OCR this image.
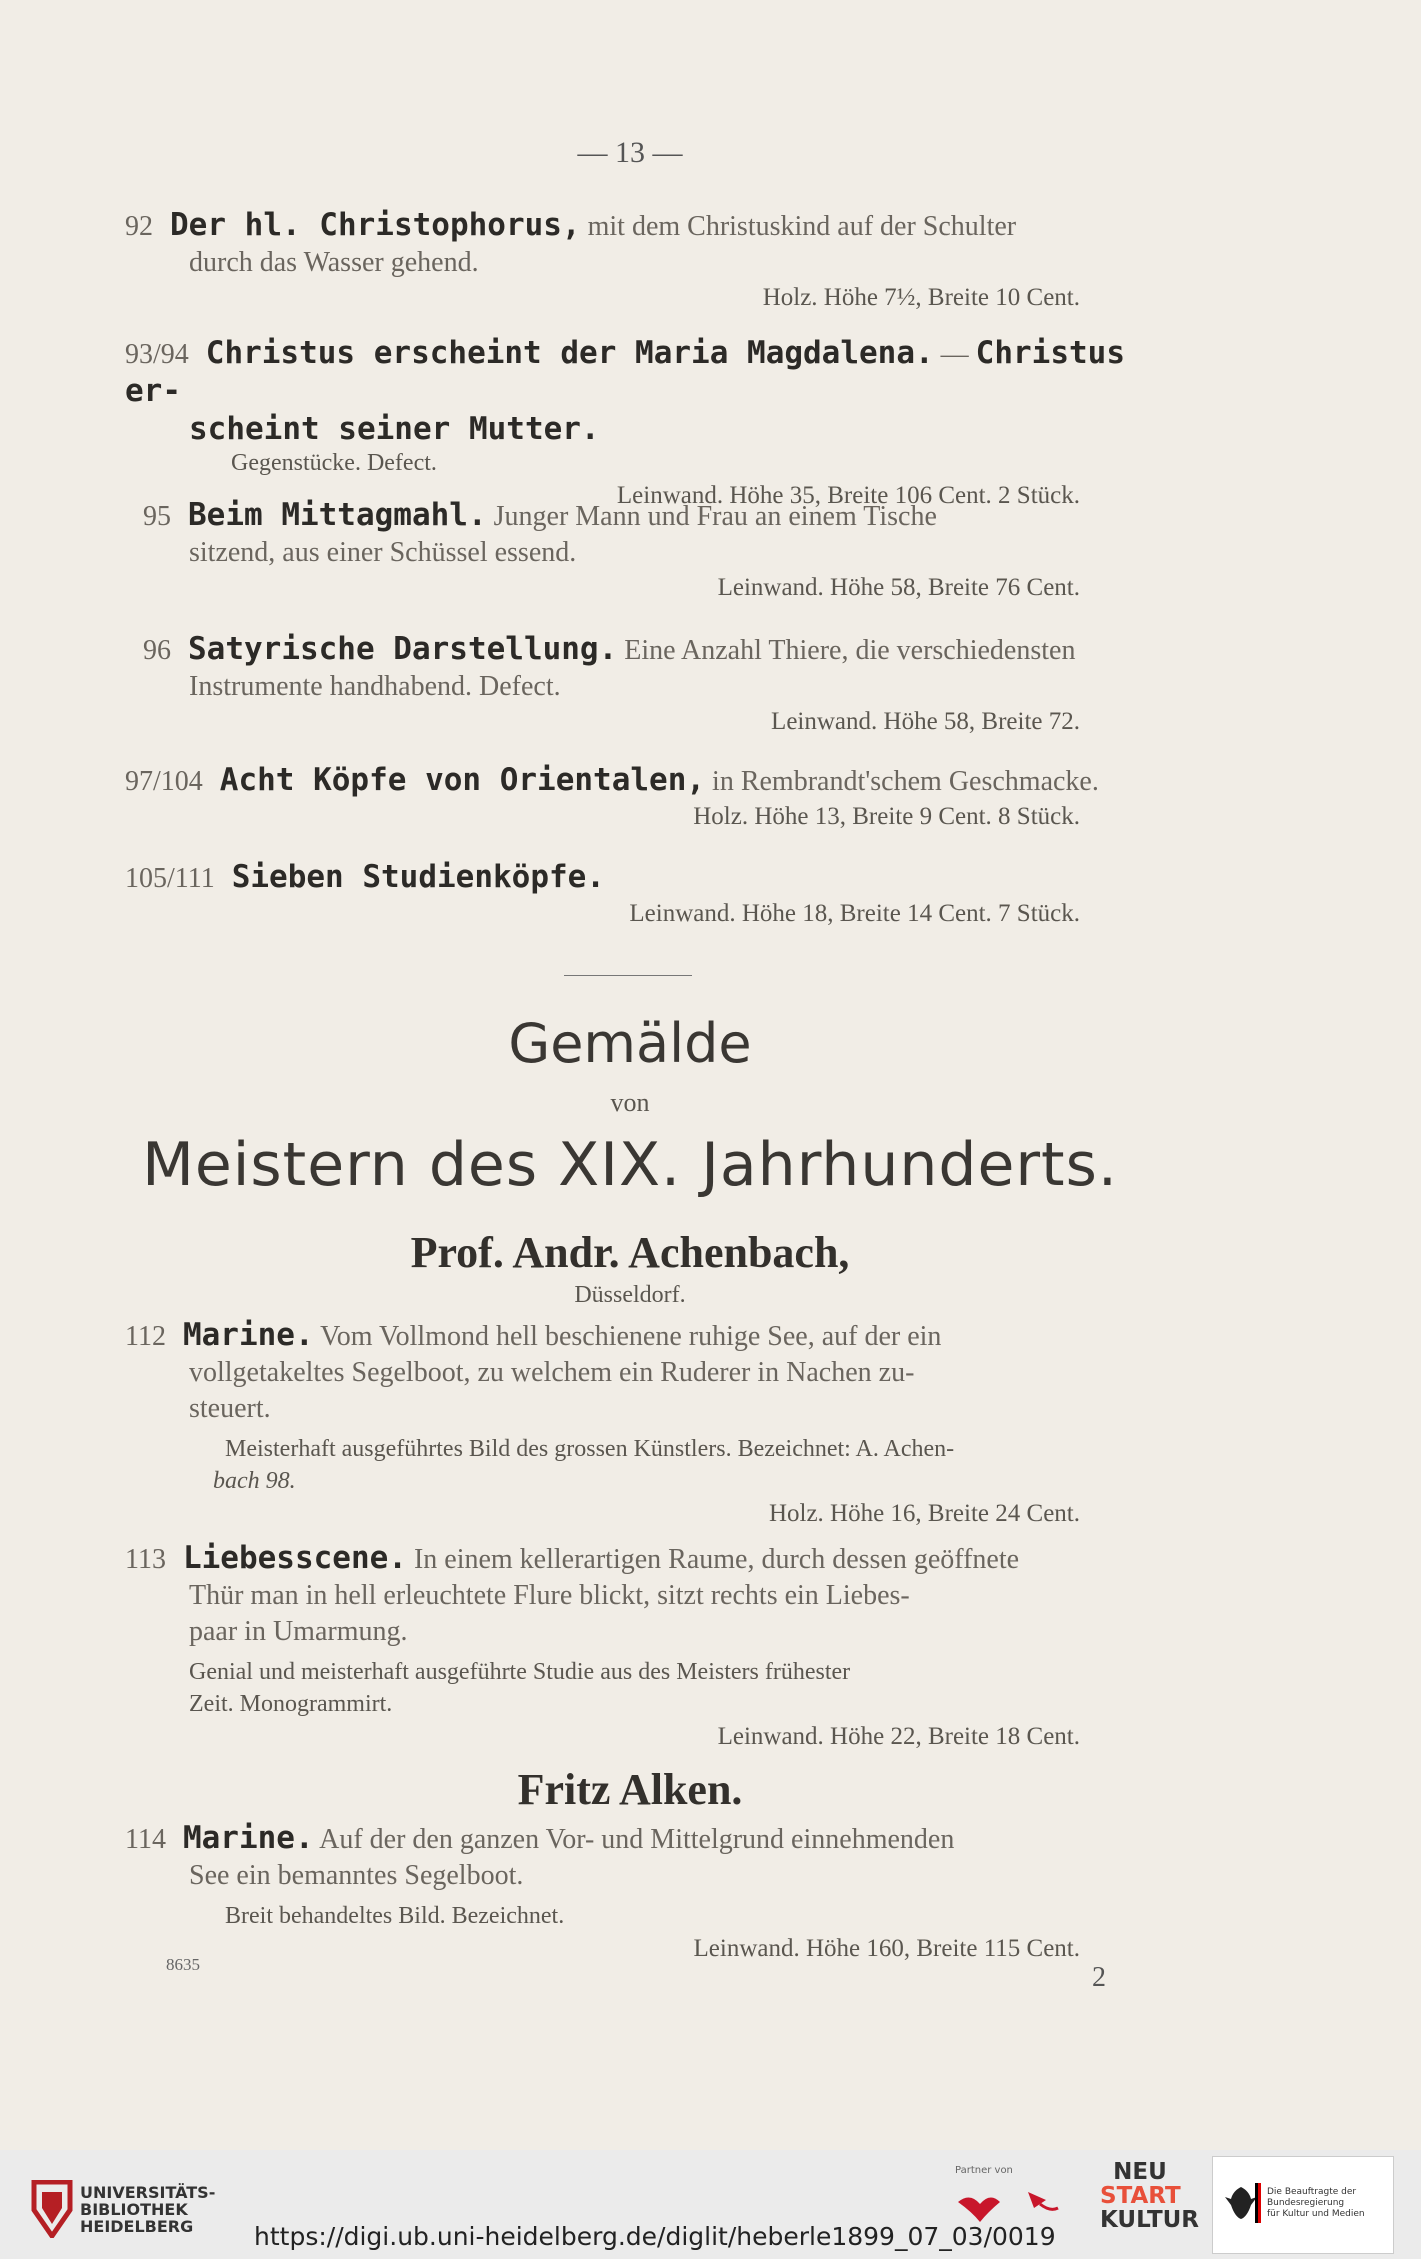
— 13 —
92 Der hl. Christophorus, mit dem Christuskind auf der Schulter
durch das Wasser gehend.
Holz. Höhe 7½, Breite 10 Cent.
93/94 Christus erscheint der Maria Magdalena. — Christus er-
scheint seiner Mutter.
Gegenstücke. Defect.
Leinwand. Höhe 35, Breite 106 Cent. 2 Stück.
95 Beim Mittagmahl. Junger Mann und Frau an einem Tische
sitzend, aus einer Schüssel essend.
Leinwand. Höhe 58, Breite 76 Cent.
96 Satyrische Darstellung. Eine Anzahl Thiere, die verschiedensten
Instrumente handhabend. Defect.
Leinwand. Höhe 58, Breite 72.
97/104 Acht Köpfe von Orientalen, in Rembrandt'schem Geschmacke.
Holz. Höhe 13, Breite 9 Cent. 8 Stück.
105/111 Sieben Studienköpfe.
Leinwand. Höhe 18, Breite 14 Cent. 7 Stück.
Gemälde
von
Meistern des XIX. Jahrhunderts.
Prof. Andr. Achenbach,
Düsseldorf.
112 Marine. Vom Vollmond hell beschienene ruhige See, auf der ein
vollgetakeltes Segelboot, zu welchem ein Ruderer in Nachen zu-
steuert.
Meisterhaft ausgeführtes Bild des grossen Künstlers. Bezeichnet: A. Achen-
bach 98.
Holz. Höhe 16, Breite 24 Cent.
113 Liebesscene. In einem kellerartigen Raume, durch dessen geöffnete
Thür man in hell erleuchtete Flure blickt, sitzt rechts ein Liebes-
paar in Umarmung.
Genial und meisterhaft ausgeführte Studie aus des Meisters frühester
Zeit. Monogrammirt.
Leinwand. Höhe 22, Breite 18 Cent.
Fritz Alken.
114 Marine. Auf der den ganzen Vor- und Mittelgrund einnehmenden
See ein bemanntes Segelboot.
Breit behandeltes Bild. Bezeichnet.
Leinwand. Höhe 160, Breite 115 Cent.
8635	2
UNIVERSITÄTS-
BIBLIOTHEK
HEIDELBERG	https://digi.ub.uni-heidelberg.de/diglit/heberle1899_07_03/0019
Partner von	NEU
START
KULTUR
Die Beauftragte der Bundesregierung
für Kultur und Medien
